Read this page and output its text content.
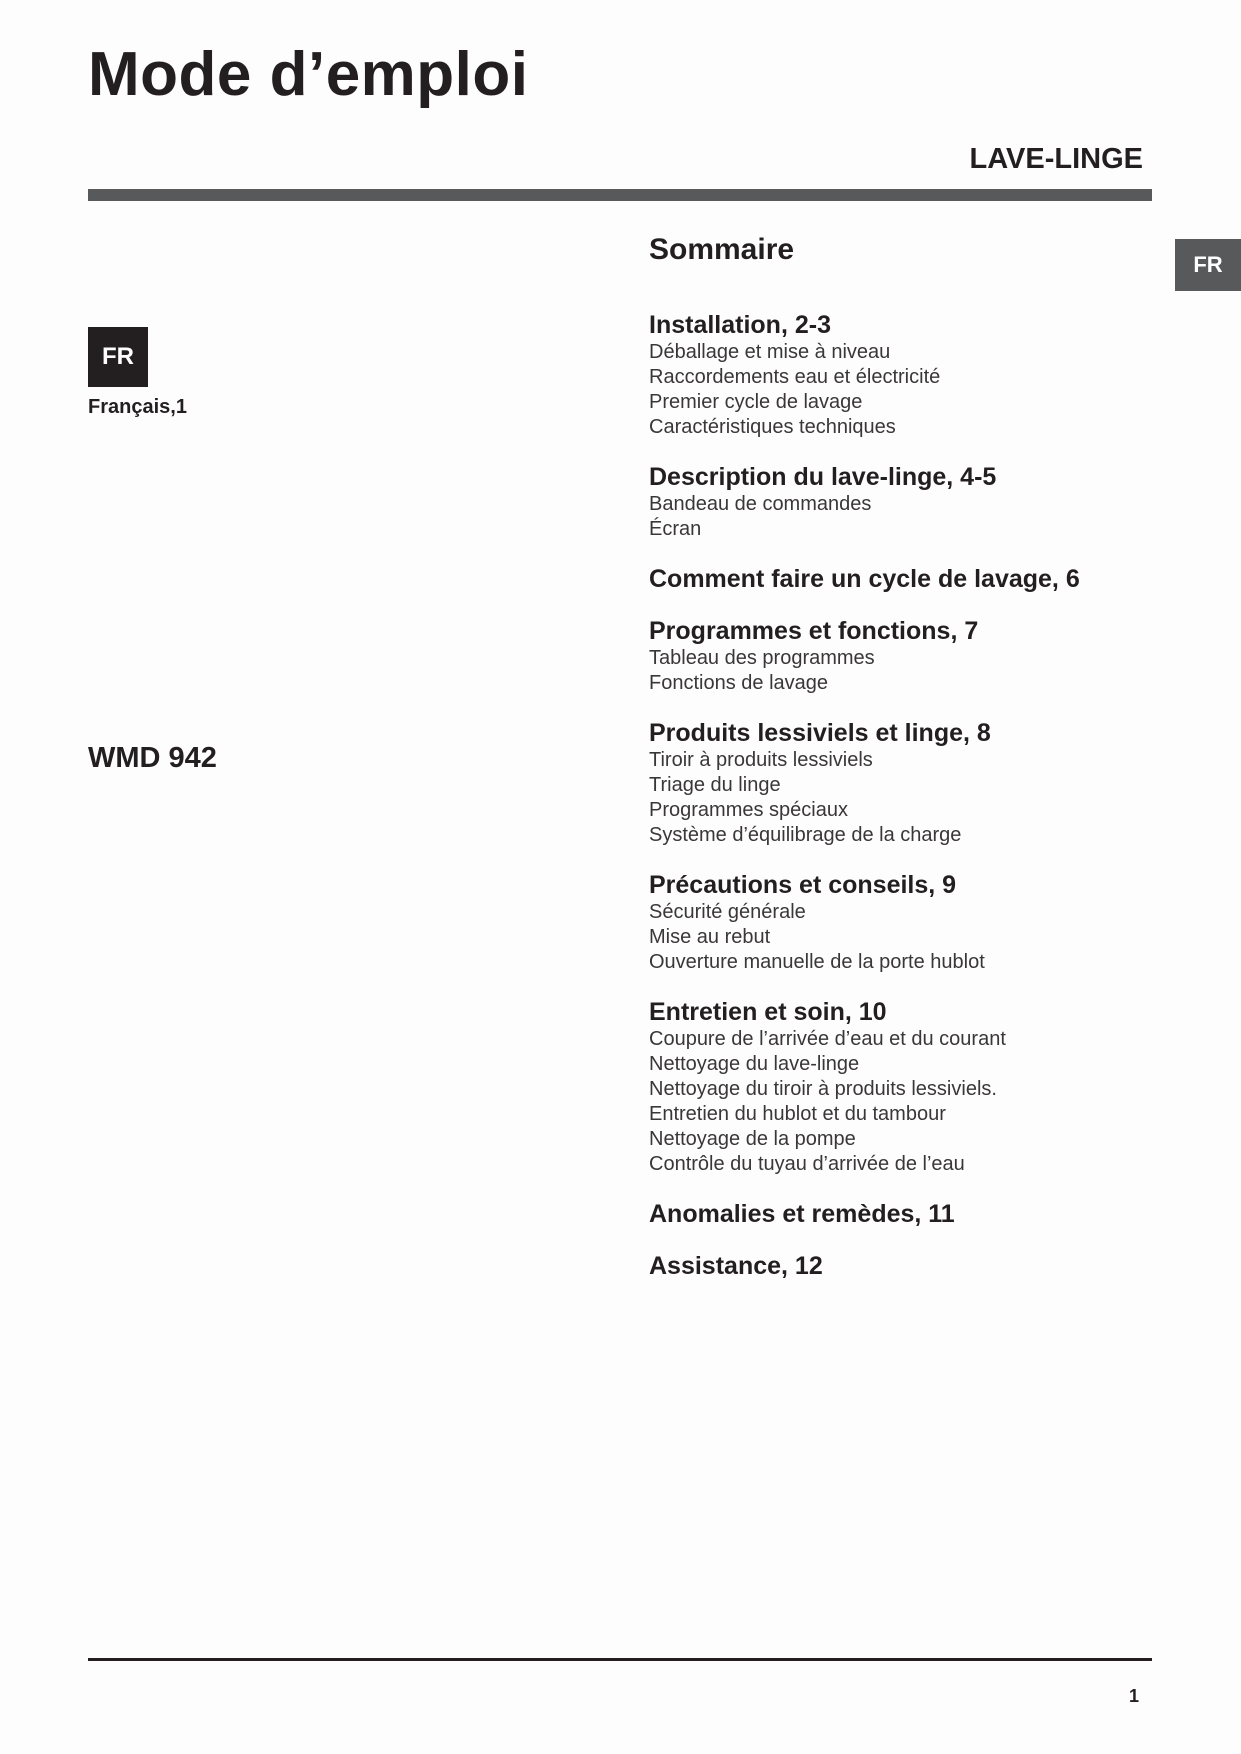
Mode d’emploi
LAVE-LINGE
FR
FR
Français,1
WMD 942
Sommaire
Installation, 2-3
Déballage et mise à niveau
Raccordements eau et électricité
Premier cycle de lavage
Caractéristiques techniques
Description du lave-linge, 4-5
Bandeau de commandes
Écran
Comment faire un cycle de lavage, 6
Programmes et fonctions, 7
Tableau des programmes
Fonctions de lavage
Produits lessiviels et linge, 8
Tiroir à produits lessiviels
Triage du linge
Programmes spéciaux
Système d’équilibrage de la charge
Précautions et conseils, 9
Sécurité générale
Mise au rebut
Ouverture manuelle de la porte hublot
Entretien et soin, 10
Coupure de l’arrivée d’eau et du courant
Nettoyage du lave-linge
Nettoyage du tiroir à produits lessiviels.
Entretien du hublot et du tambour
Nettoyage de la pompe
Contrôle du tuyau d’arrivée de l’eau
Anomalies et remèdes, 11
Assistance, 12
1
